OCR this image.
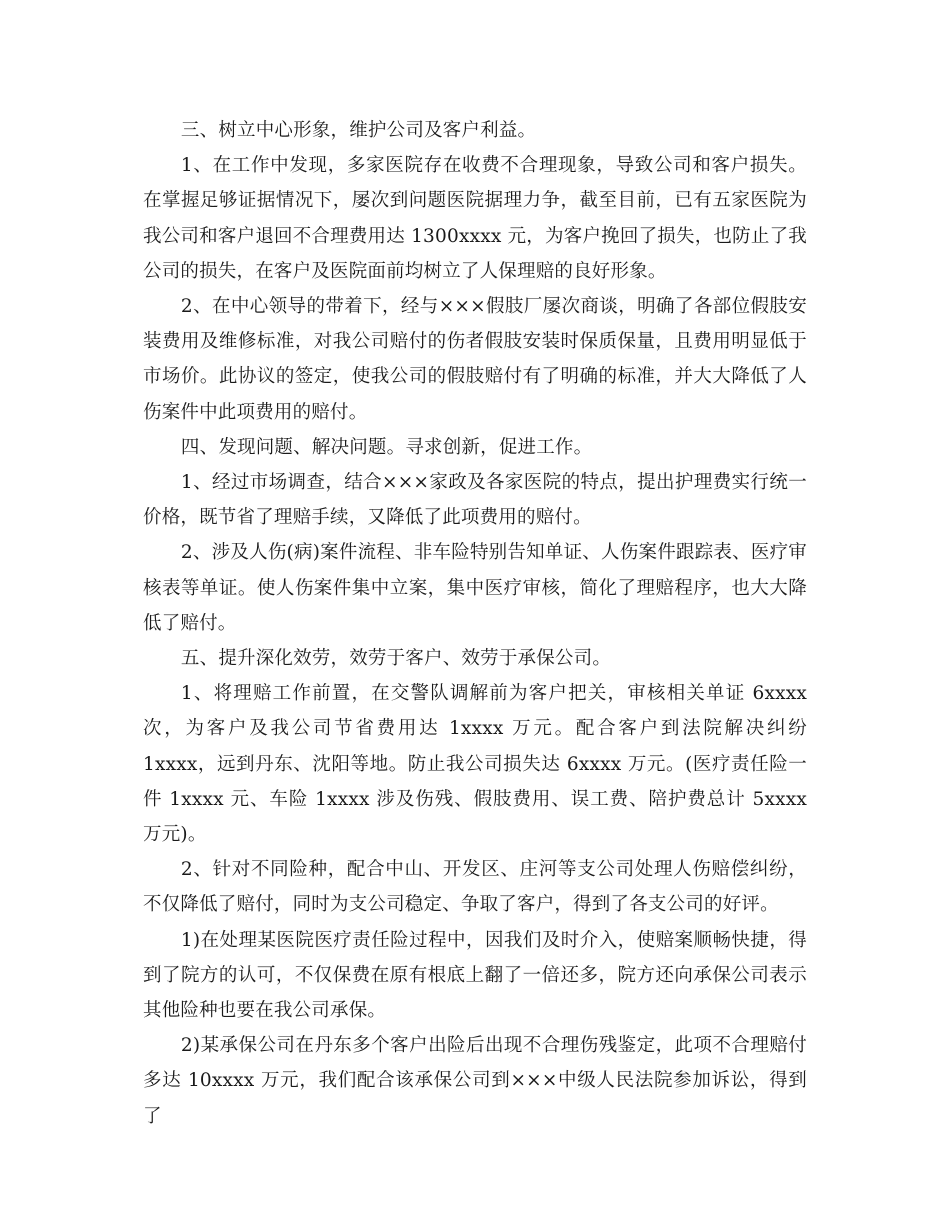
三、树立中心形象，维护公司及客户利益。

1、在工作中发现，多家医院存在收费不合理现象，导致公司和客户损失。在掌握足够证据情况下，屡次到问题医院据理力争，截至目前，已有五家医院为我公司和客户退回不合理费用达 1300xxxx 元，为客户挽回了损失，也防止了我公司的损失，在客户及医院面前均树立了人保理赔的良好形象。

2、在中心领导的带着下，经与×××假肢厂屡次商谈，明确了各部位假肢安装费用及维修标准，对我公司赔付的伤者假肢安装时保质保量，且费用明显低于市场价。此协议的签定，使我公司的假肢赔付有了明确的标准，并大大降低了人伤案件中此项费用的赔付。

四、发现问题、解决问题。寻求创新，促进工作。

1、经过市场调查，结合×××家政及各家医院的特点，提出护理费实行统一价格，既节省了理赔手续，又降低了此项费用的赔付。

2、涉及人伤(病)案件流程、非车险特别告知单证、人伤案件跟踪表、医疗审核表等单证。使人伤案件集中立案，集中医疗审核，简化了理赔程序，也大大降低了赔付。

五、提升深化效劳，效劳于客户、效劳于承保公司。

1、将理赔工作前置，在交警队调解前为客户把关，审核相关单证 6xxxx 次，为客户及我公司节省费用达 1xxxx 万元。配合客户到法院解决纠纷 1xxxx，远到丹东、沈阳等地。防止我公司损失达 6xxxx 万元。(医疗责任险一件 1xxxx 元、车险 1xxxx 涉及伤残、假肢费用、误工费、陪护费总计 5xxxx 万元)。

2、针对不同险种，配合中山、开发区、庄河等支公司处理人伤赔偿纠纷，不仅降低了赔付，同时为支公司稳定、争取了客户，得到了各支公司的好评。

1)在处理某医院医疗责任险过程中，因我们及时介入，使赔案顺畅快捷，得到了院方的认可，不仅保费在原有根底上翻了一倍还多，院方还向承保公司表示其他险种也要在我公司承保。

2)某承保公司在丹东多个客户出险后出现不合理伤残鉴定，此项不合理赔付多达 10xxxx 万元，我们配合该承保公司到×××中级人民法院参加诉讼，得到了
